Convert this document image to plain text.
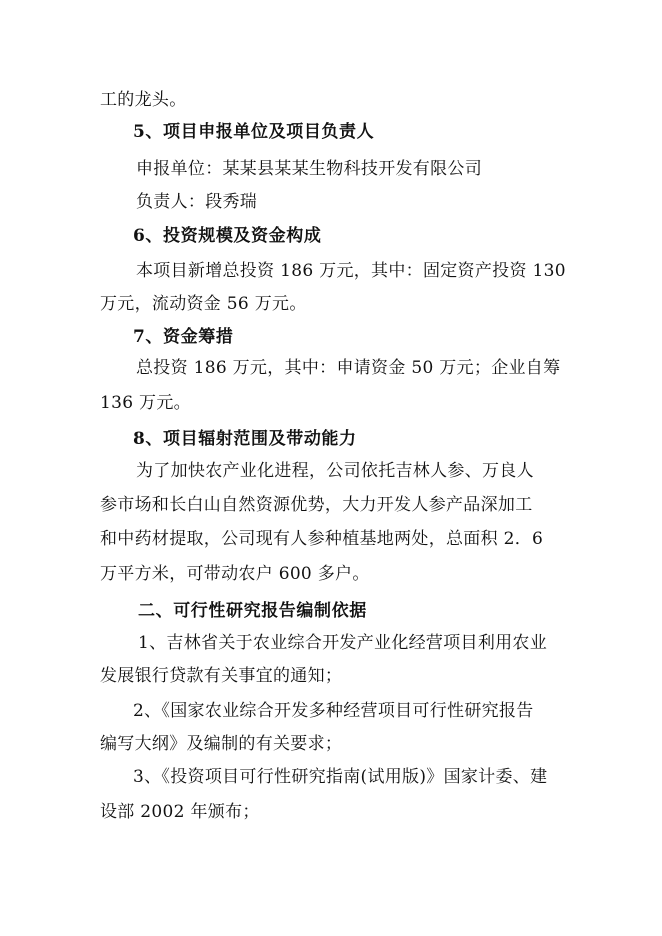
工的龙头。
5、项目申报单位及项目负责人
申报单位：某某县某某生物科技开发有限公司
负责人：段秀瑞
6、投资规模及资金构成
本项目新增总投资 186 万元，其中：固定资产投资 130
万元，流动资金 56 万元。
7、资金筹措
总投资 186 万元，其中：申请资金 50 万元；企业自筹
136 万元。
8、项目辐射范围及带动能力
为了加快农产业化进程，公司依托吉林人参、万良人
参市场和长白山自然资源优势，大力开发人参产品深加工
和中药材提取，公司现有人参种植基地两处，总面积 2．6
万平方米，可带动农户 600 多户。
二、可行性研究报告编制依据
1、吉林省关于农业综合开发产业化经营项目利用农业
发展银行贷款有关事宜的通知；
2、《国家农业综合开发多种经营项目可行性研究报告
编写大纲》及编制的有关要求；
3、《投资项目可行性研究指南(试用版)》国家计委、建
设部 2002 年颁布；
